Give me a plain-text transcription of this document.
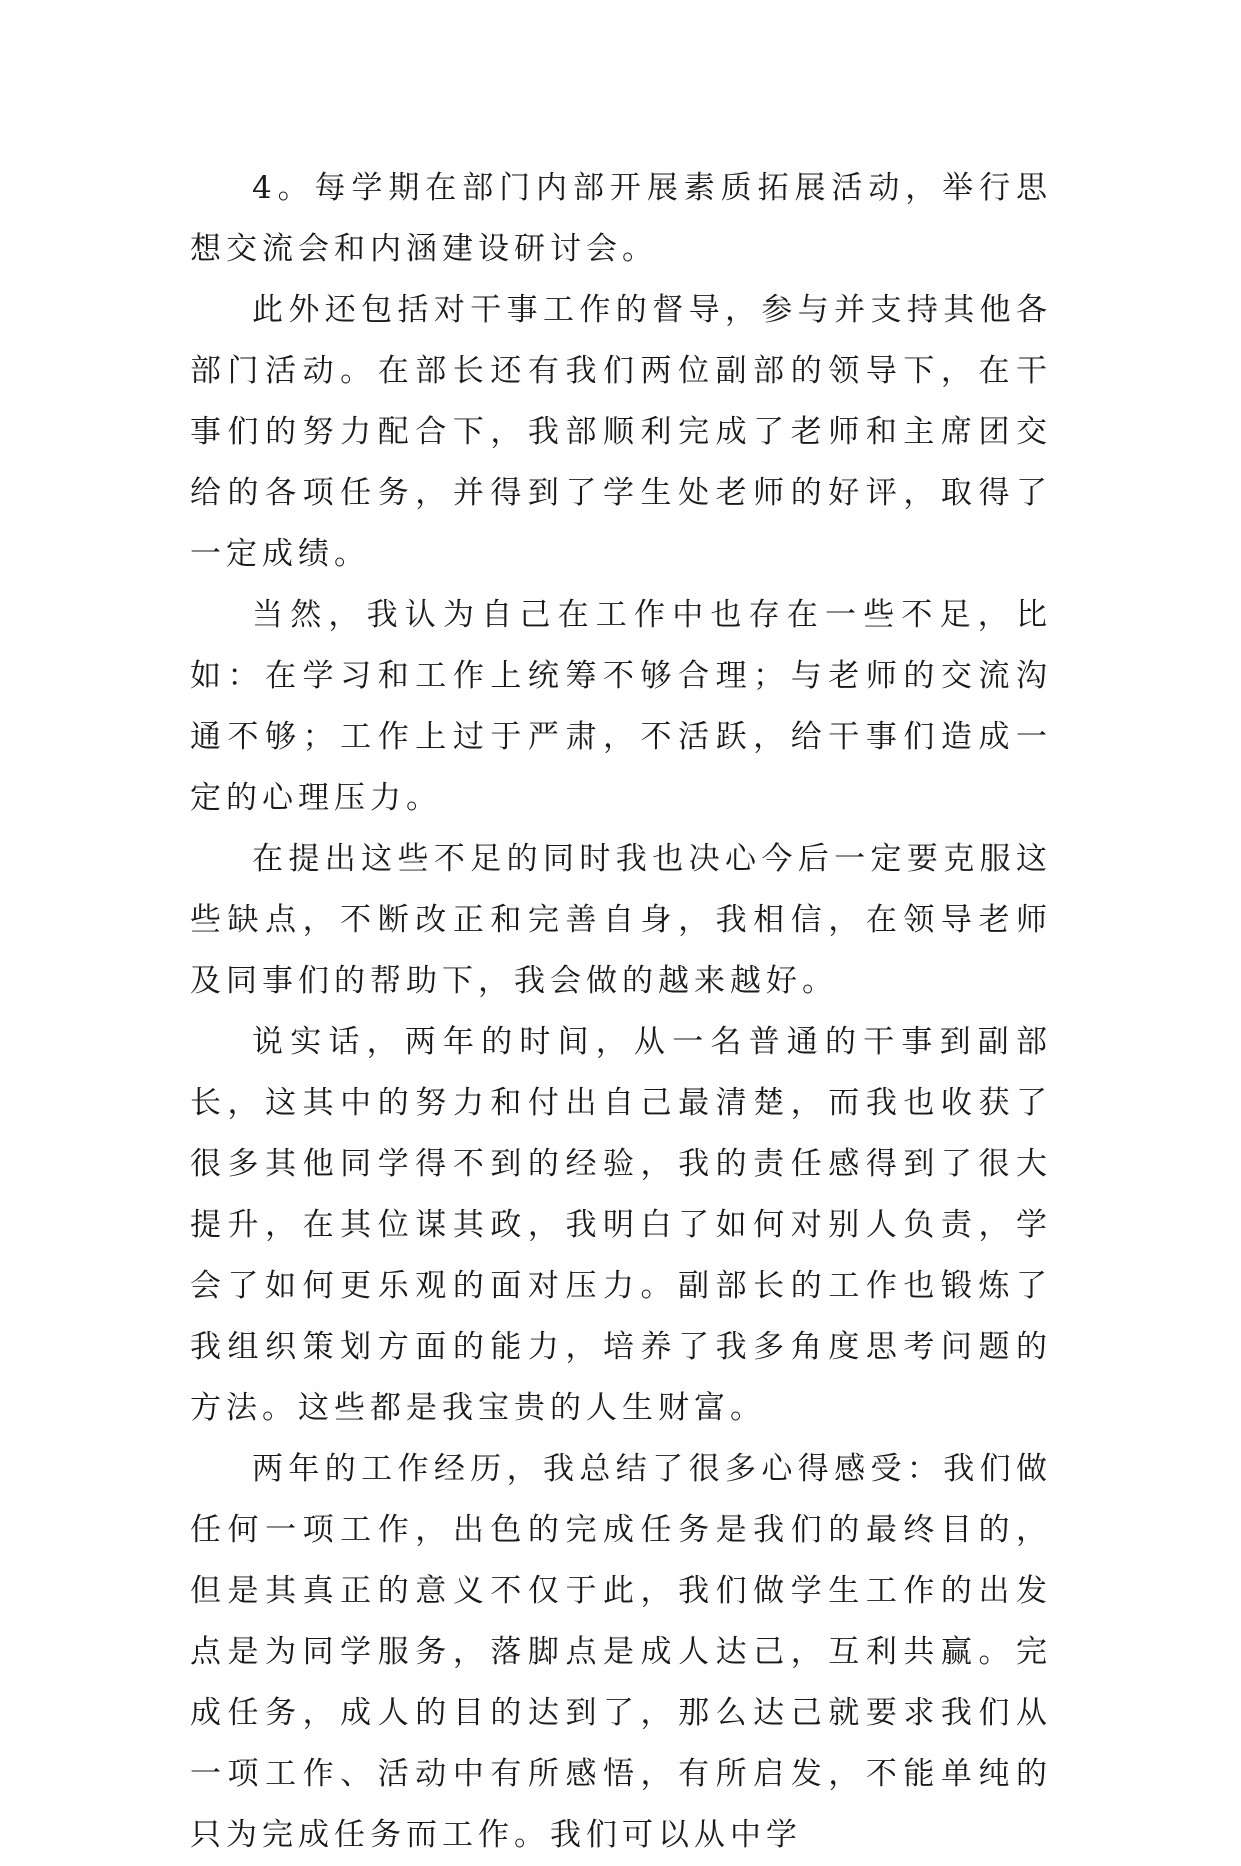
4。每学期在部门内部开展素质拓展活动，举行思想交流会和内涵建设研讨会。

此外还包括对干事工作的督导，参与并支持其他各部门活动。在部长还有我们两位副部的领导下，在干事们的努力配合下，我部顺利完成了老师和主席团交给的各项任务，并得到了学生处老师的好评，取得了一定成绩。

当然，我认为自己在工作中也存在一些不足，比如：在学习和工作上统筹不够合理；与老师的交流沟通不够；工作上过于严肃，不活跃，给干事们造成一定的心理压力。

在提出这些不足的同时我也决心今后一定要克服这些缺点，不断改正和完善自身，我相信，在领导老师及同事们的帮助下，我会做的越来越好。

说实话，两年的时间，从一名普通的干事到副部长，这其中的努力和付出自己最清楚，而我也收获了很多其他同学得不到的经验，我的责任感得到了很大提升，在其位谋其政，我明白了如何对别人负责，学会了如何更乐观的面对压力。副部长的工作也锻炼了我组织策划方面的能力，培养了我多角度思考问题的方法。这些都是我宝贵的人生财富。

两年的工作经历，我总结了很多心得感受：我们做任何一项工作，出色的完成任务是我们的最终目的，但是其真正的意义不仅于此，我们做学生工作的出发点是为同学服务，落脚点是成人达己，互利共赢。完成任务，成人的目的达到了，那么达己就要求我们从一项工作、活动中有所感悟，有所启发，不能单纯的只为完成任务而工作。我们可以从中学
